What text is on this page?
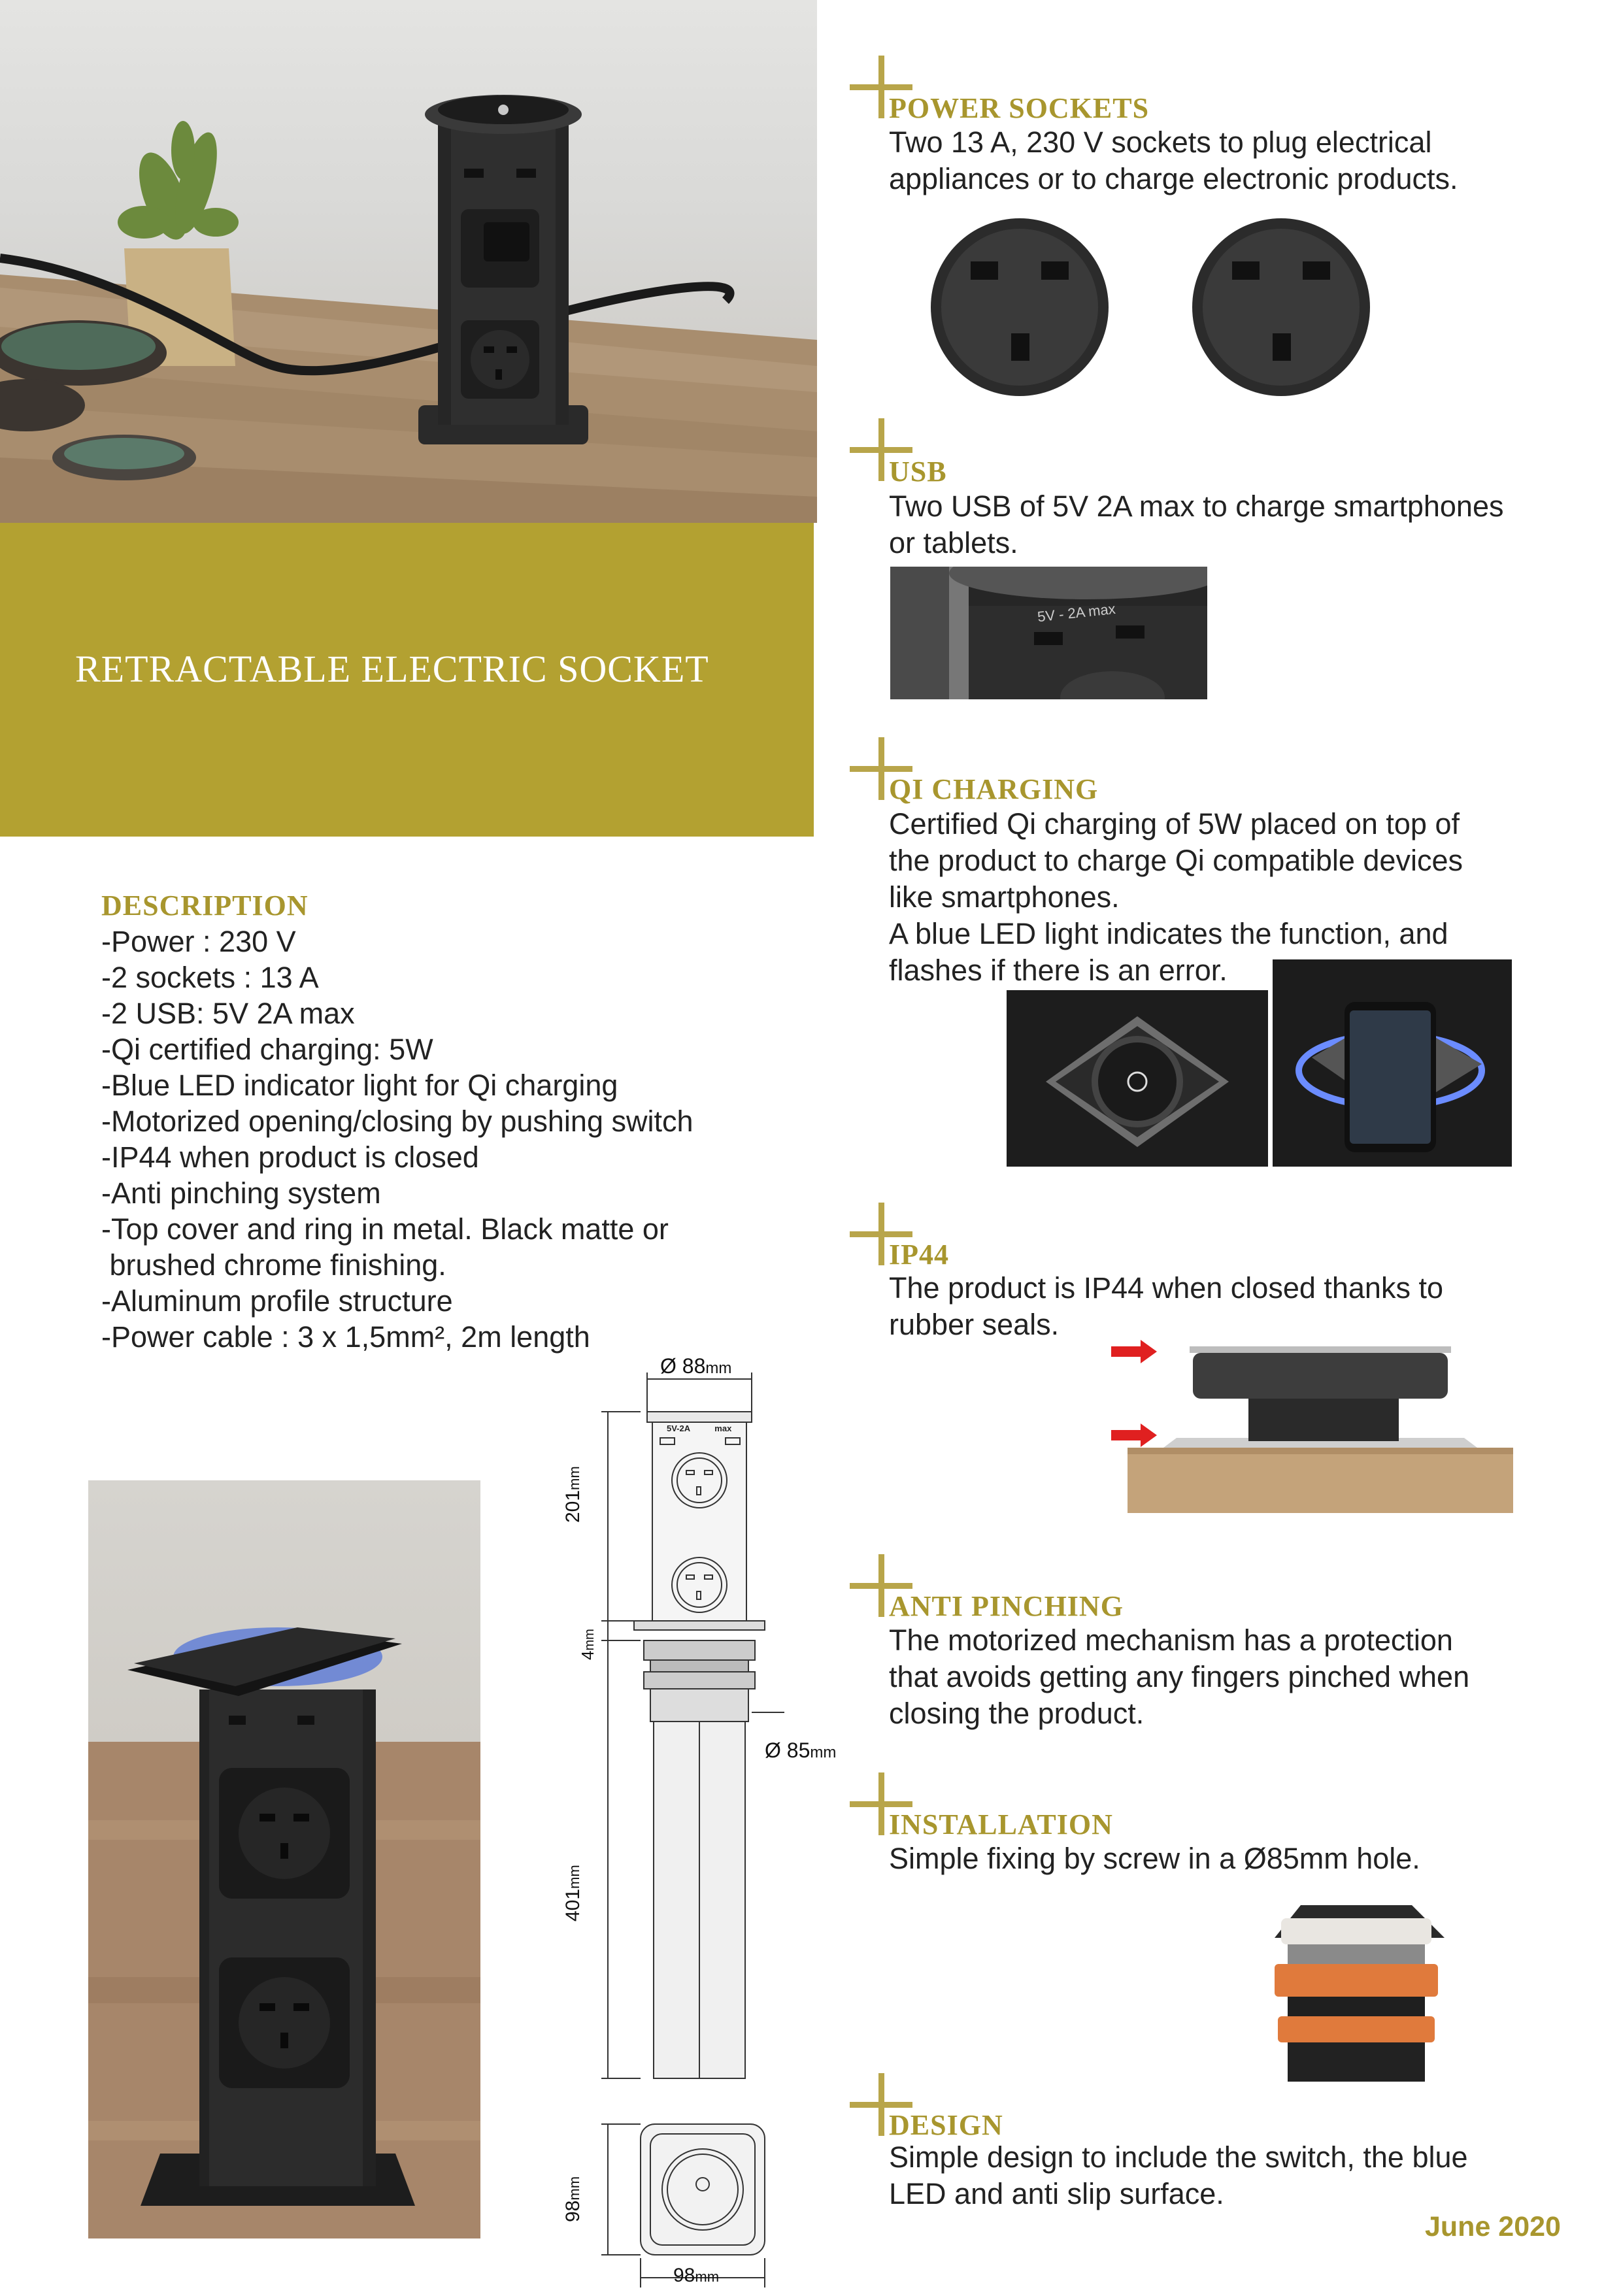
RETRACTABLE ELECTRIC SOCKET
DESCRIPTION
-Power : 230 V
-2 sockets : 13 A
-2 USB: 5V 2A max
-Qi certified charging: 5W
-Blue LED indicator light for Qi charging
-Motorized opening/closing by pushing switch
-IP44 when product is closed
-Anti pinching system
-Top cover and ring in metal. Black matte or
brushed chrome finishing.
-Aluminum profile structure
-Power cable : 3 x 1,5mm², 2m length
Ø 88mm
5V-2A	max
201mm
4mm
Ø 85mm
401mm
98mm
98mm
POWER SOCKETS
Two 13 A, 230 V sockets to plug electrical
appliances or to charge electronic products.
USB
Two USB of 5V 2A max to charge smartphones
or tablets.
5V - 2A max
QI CHARGING
Certified Qi charging of 5W placed on top of
the product to charge Qi compatible devices
like smartphones.
A blue LED light indicates the function, and
flashes if there is an error.
IP44
The product is IP44 when closed thanks to
rubber seals.
ANTI PINCHING
The motorized mechanism has a protection
that avoids getting any fingers pinched when
closing the product.
INSTALLATION
Simple fixing by screw in a Ø85mm hole.
DESIGN
Simple design to include the switch, the blue
LED and anti slip surface.
June 2020
